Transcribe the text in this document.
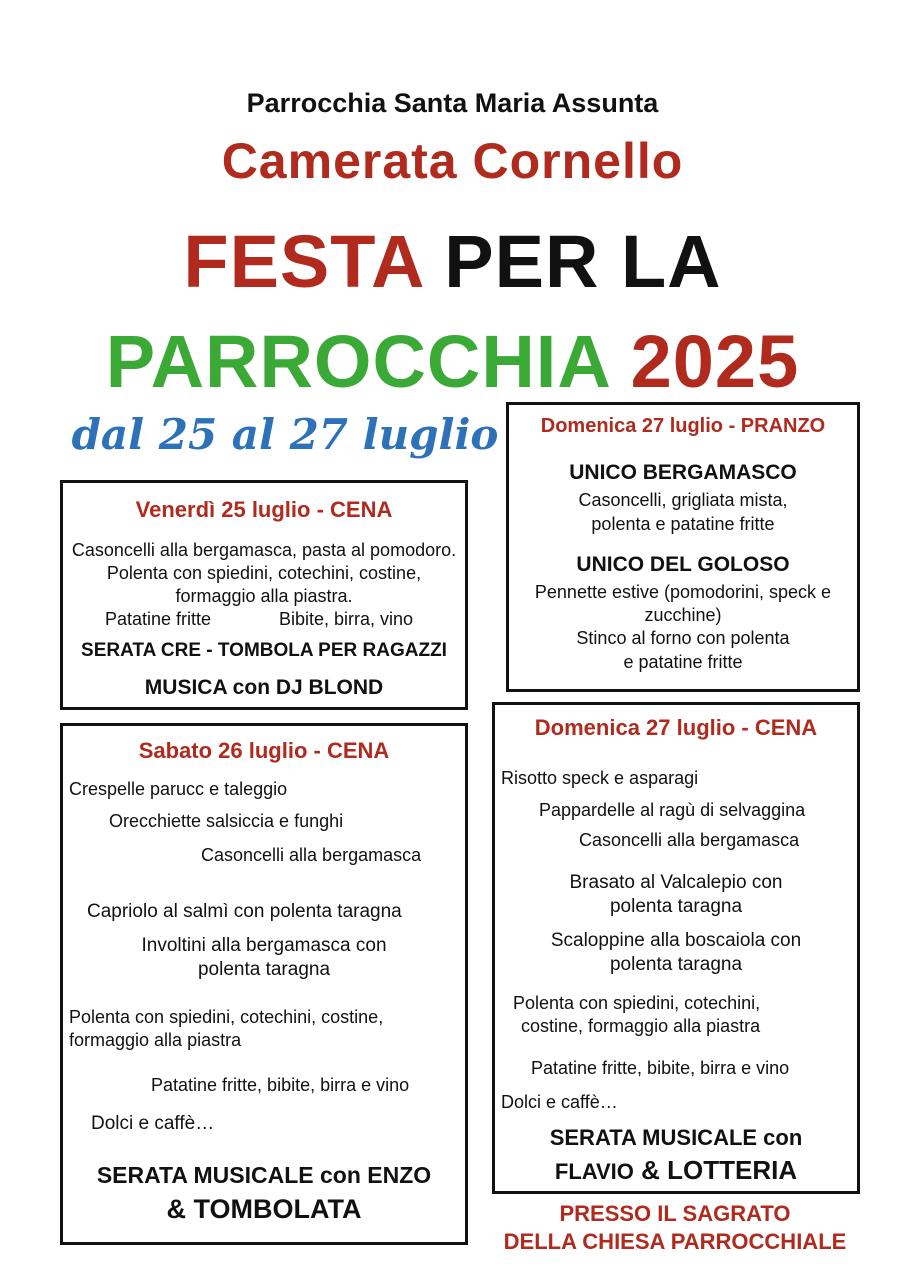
Parrocchia Santa Maria Assunta
Camerata Cornello
FESTA PER LA
PARROCCHIA 2025
dal 25 al 27 luglio
Venerdì 25 luglio - CENA
Casoncelli alla bergamasca, pasta al pomodoro. Polenta con spiedini, cotechini, costine, formaggio alla piastra.
Patatine fritte	Bibite, birra, vino
SERATA CRE - TOMBOLA PER RAGAZZI
MUSICA con DJ BLOND
Sabato 26 luglio - CENA
Crespelle parucc e taleggio
Orecchiette salsiccia e funghi
Casoncelli alla bergamasca
Capriolo al salmì con polenta taragna
Involtini alla bergamasca con
polenta taragna
Polenta con spiedini, cotechini, costine,
formaggio alla piastra
Patatine fritte, bibite, birra e vino
Dolci e caffè…
SERATA MUSICALE con ENZO
& TOMBOLATA
Domenica 27 luglio - PRANZO
UNICO BERGAMASCO
Casoncelli, grigliata mista,
polenta e patatine fritte
UNICO DEL GOLOSO
Pennette estive (pomodorini, speck e
zucchine)
Stinco al forno con polenta
e patatine fritte
Domenica 27 luglio - CENA
Risotto speck e asparagi
Pappardelle al ragù di selvaggina
Casoncelli alla bergamasca
Brasato al Valcalepio con
polenta taragna
Scaloppine alla boscaiola con
polenta taragna
Polenta con spiedini, cotechini,
costine, formaggio alla piastra
Patatine fritte, bibite, birra e vino
Dolci e caffè…
SERATA MUSICALE con
FLAVIO & LOTTERIA
PRESSO IL SAGRATO
DELLA CHIESA PARROCCHIALE
